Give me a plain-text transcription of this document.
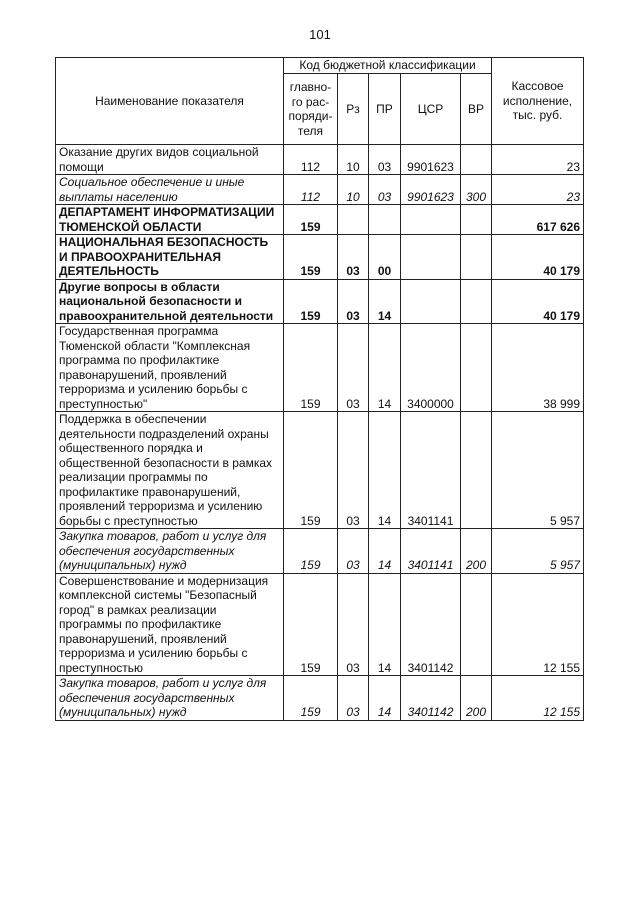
101
Наименование показателя	Код бюджетной классификации					Кассовое исполнение, тыс. руб.
	главно-го рас-поряди-теля	Рз	ПР	ЦСР	ВР	
Оказание других видов социальной помощи	112	10	03	9901623		23
Социальное обеспечение и иные выплаты населению	112	10	03	9901623	300	23
ДЕПАРТАМЕНТ ИНФОРМАТИЗАЦИИ ТЮМЕНСКОЙ ОБЛАСТИ	159					617 626
НАЦИОНАЛЬНАЯ БЕЗОПАСНОСТЬ И ПРАВООХРАНИТЕЛЬНАЯ ДЕЯТЕЛЬНОСТЬ	159	03	00			40 179
Другие вопросы в области национальной безопасности и правоохранительной деятельности	159	03	14			40 179
Государственная программа Тюменской области "Комплексная программа по профилактике правонарушений, проявлений терроризма и усилению борьбы с преступностью"	159	03	14	3400000		38 999
Поддержка в обеспечении деятельности подразделений охраны общественного порядка и общественной безопасности в рамках реализации программы по профилактике правонарушений, проявлений терроризма и усилению борьбы с преступностью	159	03	14	3401141		5 957
Закупка товаров, работ и услуг для обеспечения государственных (муниципальных) нужд	159	03	14	3401141	200	5 957
Совершенствование и модернизация комплексной системы "Безопасный город" в рамках реализации программы по профилактике правонарушений, проявлений терроризма и усилению борьбы с преступностью	159	03	14	3401142		12 155
Закупка товаров, работ и услуг для обеспечения государственных (муниципальных) нужд	159	03	14	3401142	200	12 155
